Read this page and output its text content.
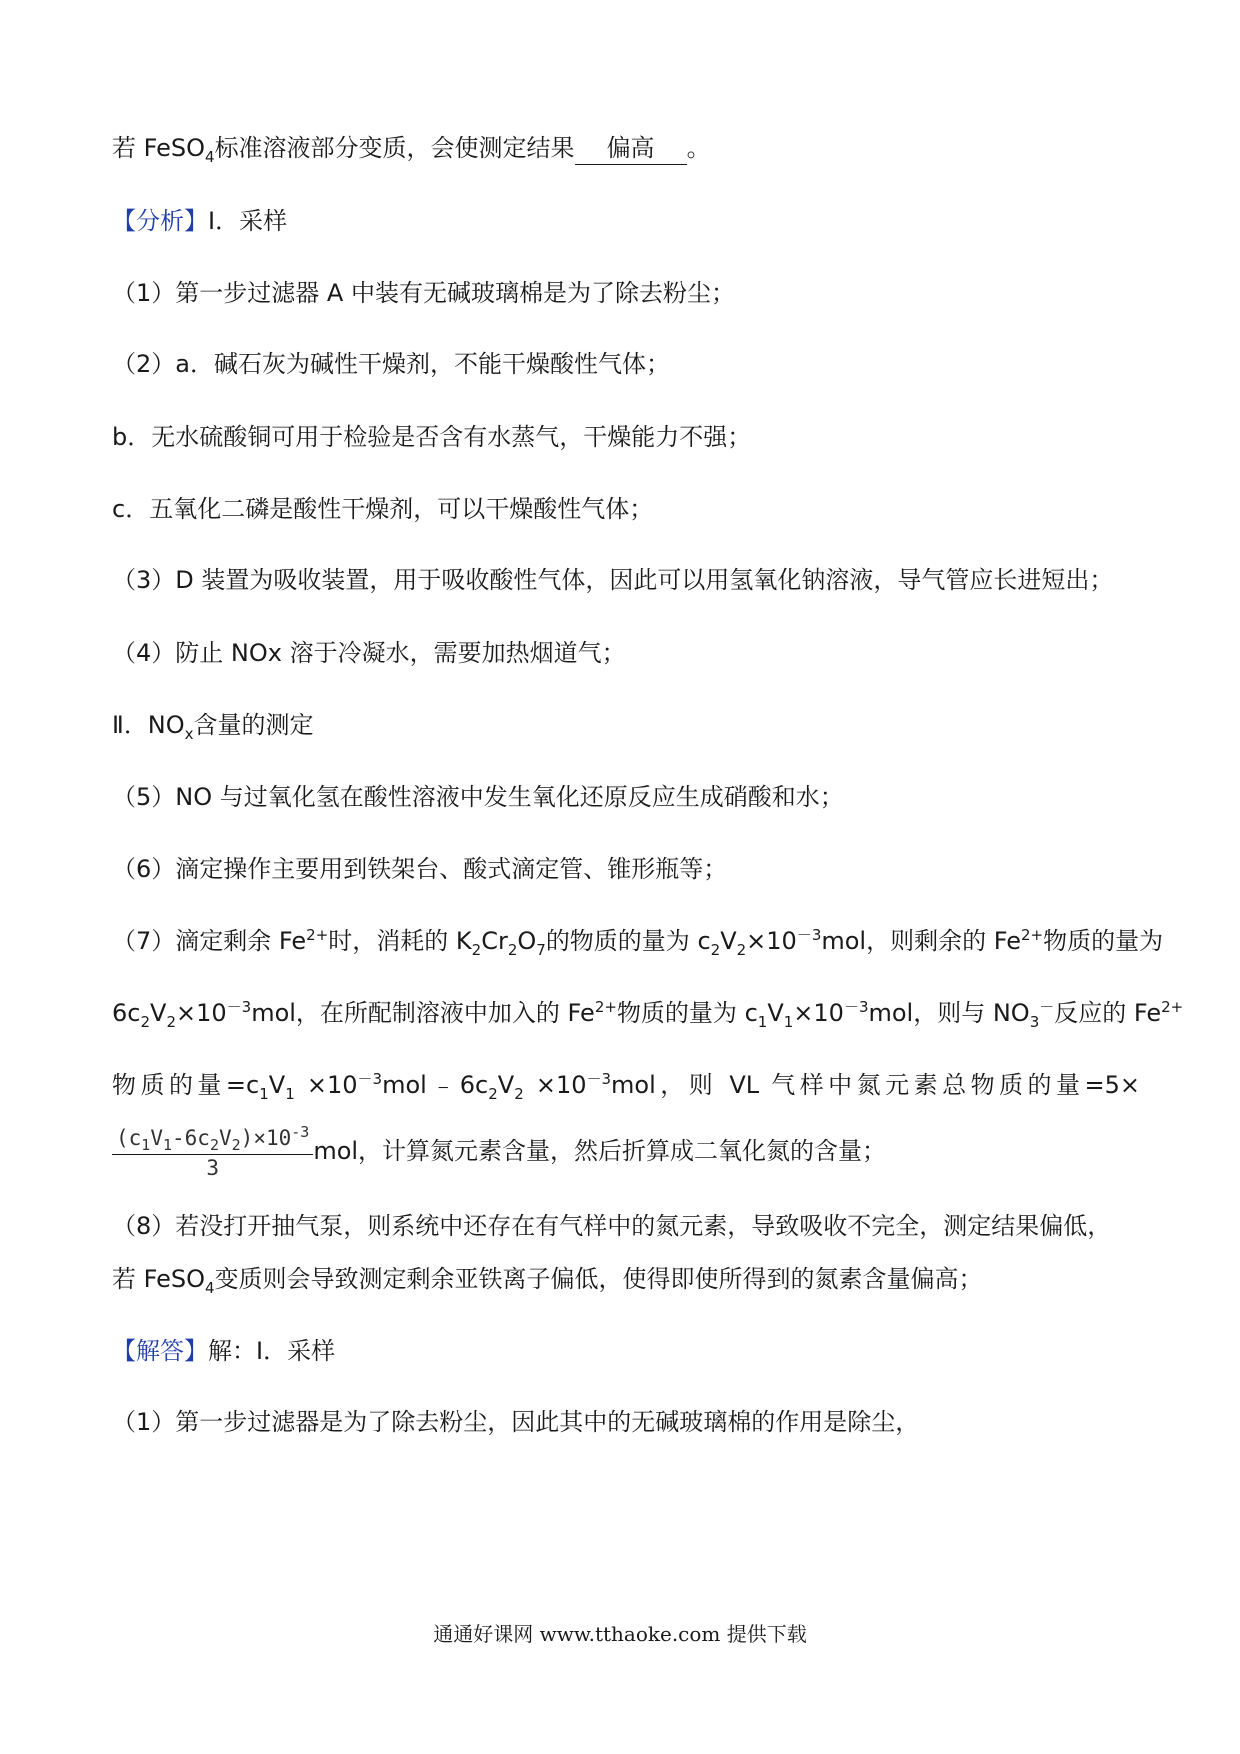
若 FeSO$_4$标准溶液部分变质，会使测定结果 偏高 。
【分析】Ⅰ．采样
（1）第一步过滤器 A 中装有无碱玻璃棉是为了除去粉尘；
（2）a．碱石灰为碱性干燥剂，不能干燥酸性气体；
b．无水硫酸铜可用于检验是否含有水蒸气，干燥能力不强；
c．五氧化二磷是酸性干燥剂，可以干燥酸性气体；
（3）D 装置为吸收装置，用于吸收酸性气体，因此可以用氢氧化钠溶液，导气管应长进短出；
（4）防止 NOx 溶于冷凝水，需要加热烟道气；
Ⅱ．$NO_x$含量的测定
（5）NO 与过氧化氢在酸性溶液中发生氧化还原反应生成硝酸和水；
（6）滴定操作主要用到铁架台、酸式滴定管、锥形瓶等；
（7）滴定剩余 $Fe^{2+}$时，消耗的 $K_2Cr_2O_7$的物质的量为 $c_2V_2\times 10^{-3}mol$，则剩余的 $Fe^{2+}$物质的量为
$6c_2V_2\times 10^{-3}mol$，在所配制溶液中加入的 $Fe^{2+}$物质的量为 $c_1V_1\times 10^{-3}mol$，则与 $NO_3^-$反应的 $Fe^{2+}$
物质的量$=c_1V_1$ $\times 10^{-3}mol﹣6c_2V_2 \times 10^{-3}mol$，则 VL 气样中氮元素总物质的量=5×
$\frac{(c_1V_1-6c_2V_2)\times 10^{-3}}{3}$ mol，计算氮元素含量，然后折算成二氧化氮的含量；
（8）若没打开抽气泵，则系统中还存在有气样中的氮元素，导致吸收不完全，测定结果偏低，
若 FeSO$_4$变质则会导致测定剩余亚铁离子偏低，使得即使所得到的氮素含量偏高；
【解答】解：Ⅰ．采样
（1）第一步过滤器是为了除去粉尘，因此其中的无碱玻璃棉的作用是除尘，
通通好课网 www.tthaoke.com 提供下载
